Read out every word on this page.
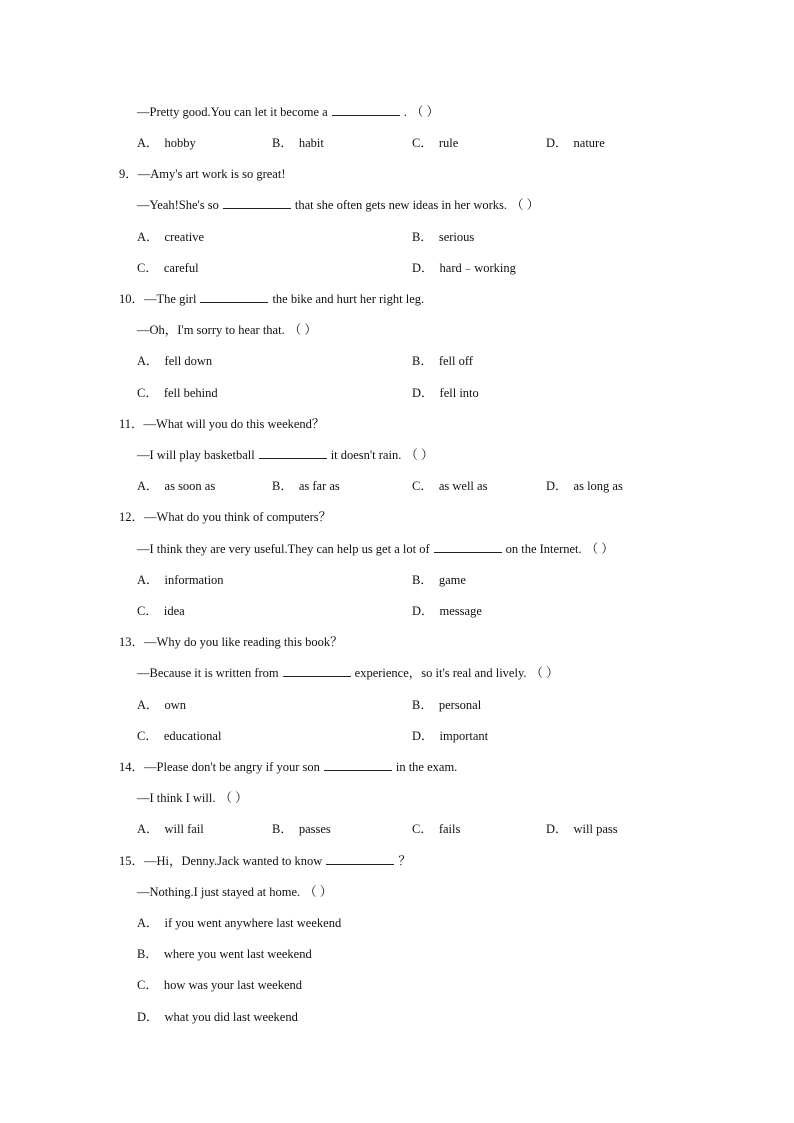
—Pretty good.You can let it become a	. （ ）
A． hobby	B． habit	C． rule	D． nature
9．—Amy's art work is so great!
—Yeah!She's so	that she often gets new ideas in her works. （ ）
A． creative	B． serious
C． careful	D． hard﹣working
10．—The girl	the bike and hurt her right leg.
—Oh，I'm sorry to hear that. （ ）
A． fell down	B． fell off
C． fell behind	D． fell into
11．—What will you do this weekend？
—I will play basketball	it doesn't rain. （ ）
A． as soon as	B． as far as	C． as well as	D． as long as
12．—What do you think of computers？
—I think they are very useful.They can help us get a lot of	on the Internet. （ ）
A． information	B． game
C． idea	D． message
13．—Why do you like reading this book？
—Because it is written from	experience，so it's real and lively. （ ）
A． own	B． personal
C． educational	D． important
14．—Please don't be angry if your son	in the exam.
—I think I will. （ ）
A． will fail	B． passes	C． fails	D． will pass
15．—Hi，Denny.Jack wanted to know	？
—Nothing.I just stayed at home. （ ）
A． if you went anywhere last weekend
B． where you went last weekend
C． how was your last weekend
D． what you did last weekend
